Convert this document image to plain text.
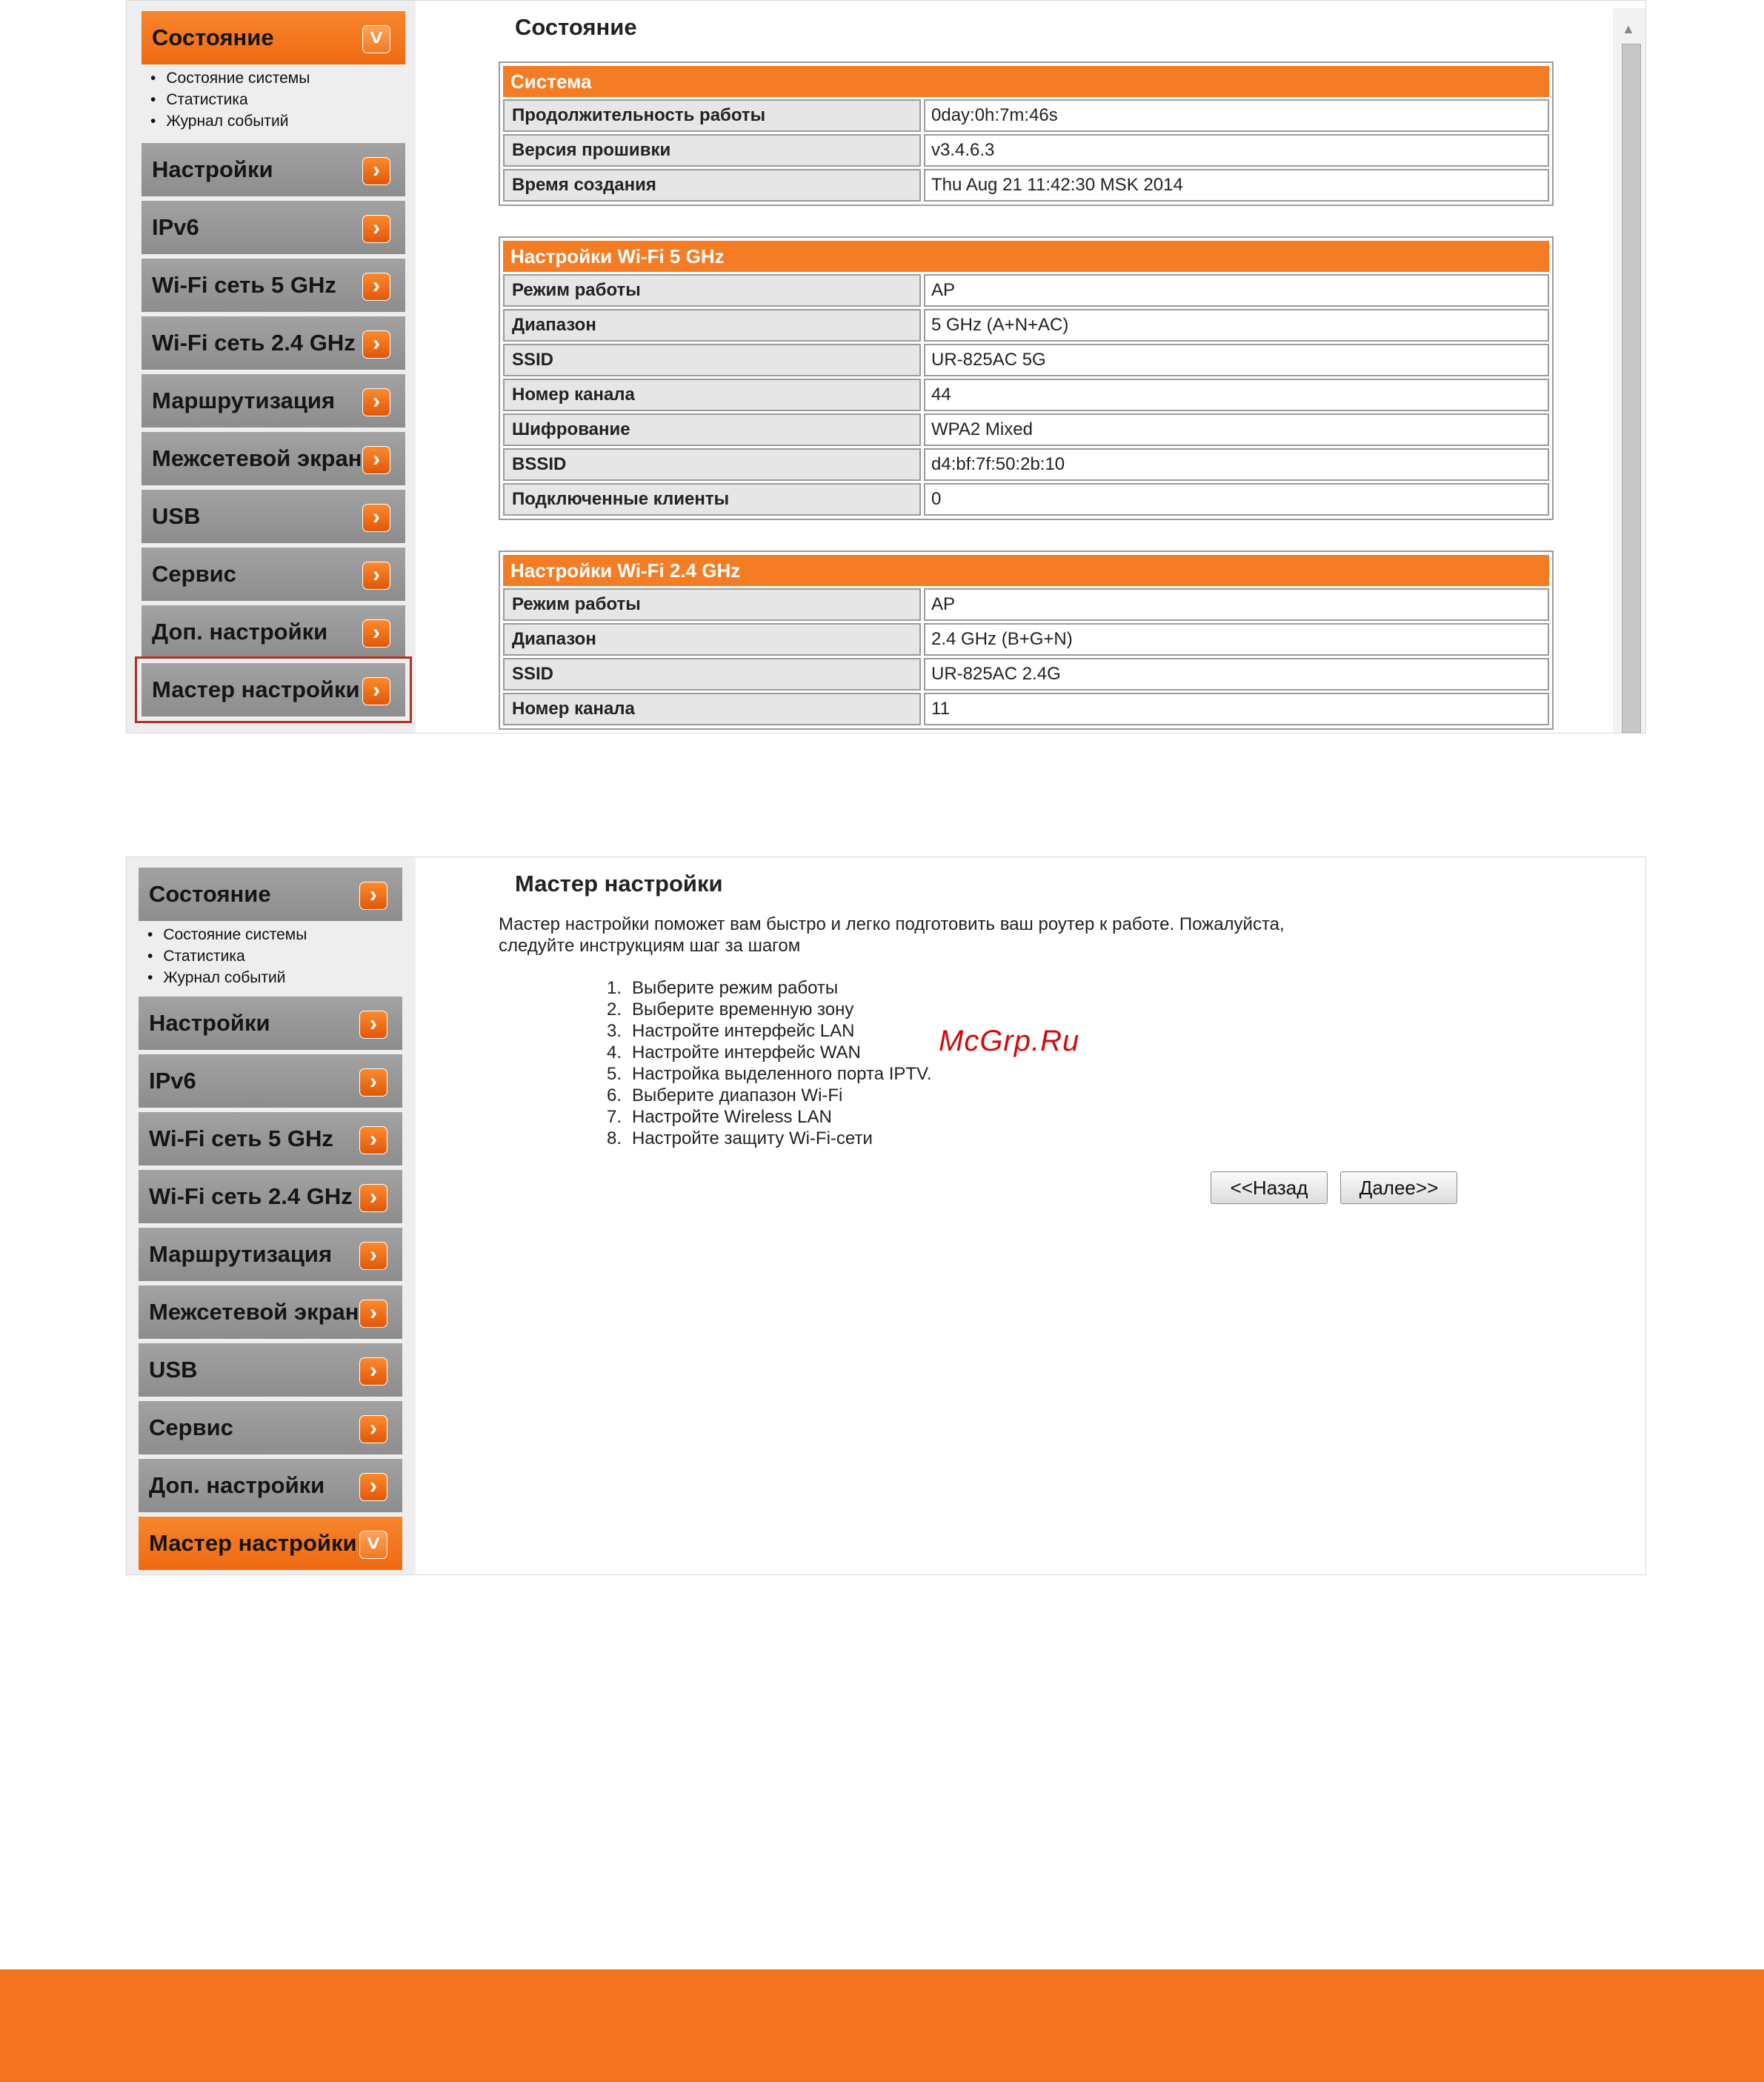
Состояние	˅
• Состояние системы
• Статистика
• Журнал событий
Настройки	›
IPv6	›
Wi-Fi сеть 5 GHz	›
Wi-Fi сеть 2.4 GHz ›
Маршрутизация	›
Межсетевой экран ›
USB	›
Сервис	›
Доп. настройки	›
Мастер настройки ›
Состояние
Система
Продолжительность работы	0day:0h:7m:46s
Версия прошивки	v3.4.6.3
Время создания	Thu Aug 21 11:42:30 MSK 2014
Настройки Wi-Fi 5 GHz
Режим работы	AP
Диапазон	5 GHz (A+N+AC)
SSID	UR-825AC 5G
Номер канала	44
Шифрование	WPA2 Mixed
BSSID	d4:bf:7f:50:2b:10
Подключенные клиенты	0
Настройки Wi-Fi 2.4 GHz
Режим работы	AP
Диапазон	2.4 GHz (B+G+N)
SSID	UR-825AC 2.4G
Номер канала	11
▲
Состояние	›
• Состояние системы
• Статистика
• Журнал событий
Настройки	›
IPv6	›
Wi-Fi сеть 5 GHz	›
Wi-Fi сеть 2.4 GHz ›
Маршрутизация	›
Межсетевой экран ›
USB	›
Сервис	›
Доп. настройки	›
Мастер настройки ˅
Мастер настройки
Мастер настройки поможет вам быстро и легко подготовить ваш роутер к работе. Пожалуйста,
следуйте инструкциям шаг за шагом
1. Выберите режим работы
2. Выберите временную зону
3. Настройте интерфейс LAN
4. Настройте интерфейс WAN
5. Настройка выделенного порта IPTV.
6. Выберите диапазон Wi-Fi
7. Настройте Wireless LAN
8. Настройте защиту Wi-Fi-сети
McGrp.Ru
<<Назад	Далее>>
